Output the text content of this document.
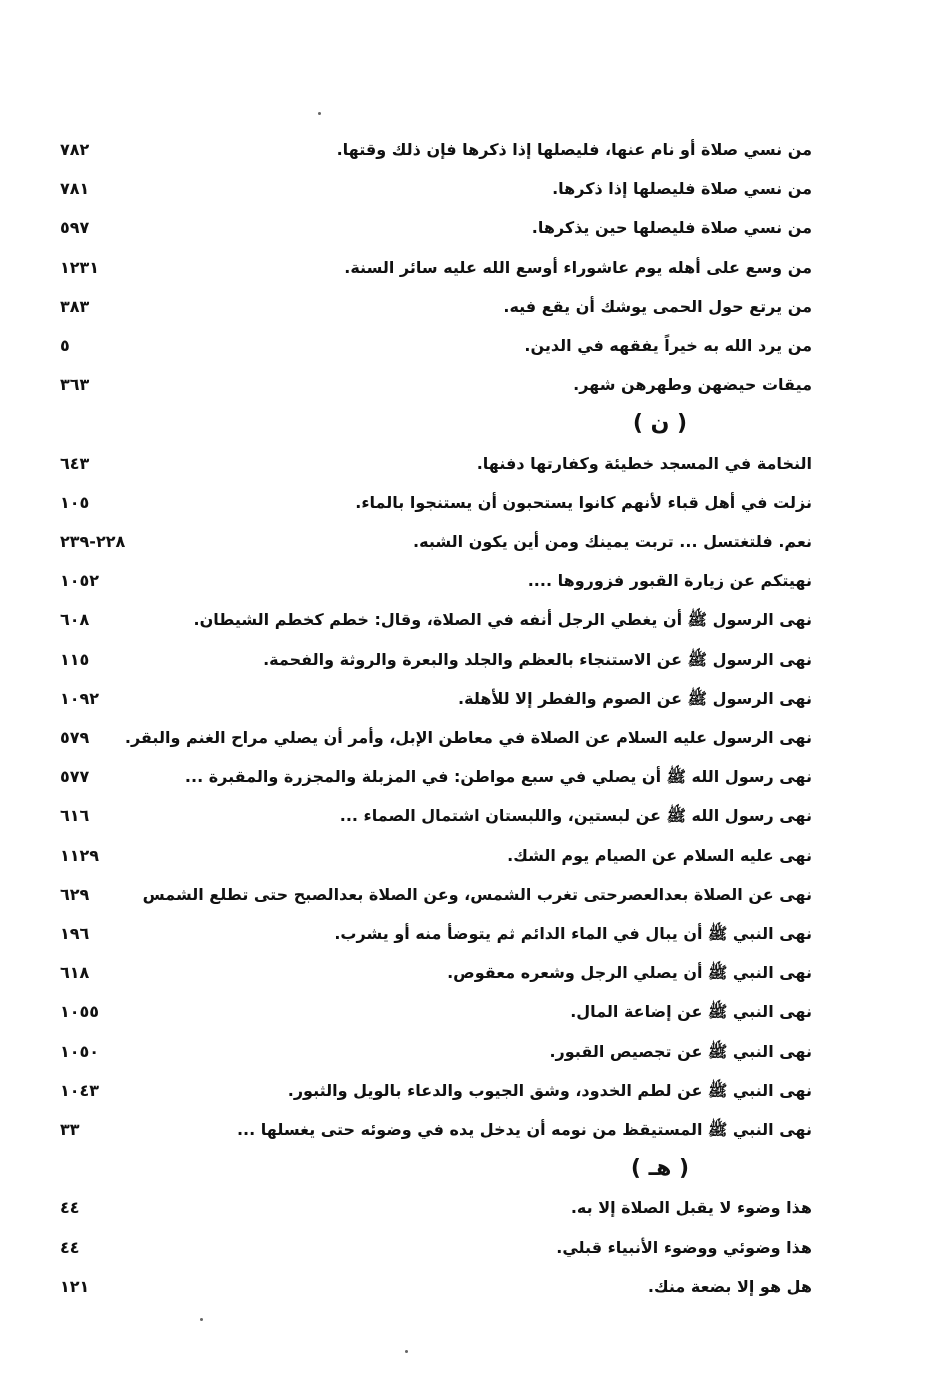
من نسي صلاة أو نام عنها، فليصلها إذا ذكرها فإن ذلك وقتها.
٧٨٢
من نسي صلاة فليصلها إذا ذكرها.
٧٨١
من نسي صلاة فليصلها حين يذكرها.
٥٩٧
من وسع على أهله يوم عاشوراء أوسع الله عليه سائر السنة.
١٢٣١
من يرتع حول الحمى يوشك أن يقع فيه.
٣٨٣
من يرد الله به خيراً يفقهه في الدين.
٥
ميقات حيضهن وطهرهن شهر.
٣٦٣
( ن )
النخامة في المسجد خطيئة وكفارتها دفنها.
٦٤٣
نزلت في أهل قباء لأنهم كانوا يستحبون أن يستنجوا بالماء.
١٠٥
نعم. فلتغتسل ... تربت يمينك ومن أين يكون الشبه.
٢٢٨-٢٣٩
نهيتكم عن زيارة القبور فزوروها ....
١٠٥٢
نهى الرسول ﷺ أن يغطي الرجل أنفه في الصلاة، وقال: خطم كخطم الشيطان.
٦٠٨
نهى الرسول ﷺ عن الاستنجاء بالعظم والجلد والبعرة والروثة والفحمة.
١١٥
نهى الرسول ﷺ عن الصوم والفطر إلا للأهلة.
١٠٩٢
نهى الرسول عليه السلام عن الصلاة في معاطن الإبل، وأمر أن يصلي مراح الغنم والبقر.
٥٧٩
نهى رسول الله ﷺ أن يصلي في سبع مواطن: في المزبلة والمجزرة والمقبرة ...
٥٧٧
نهى رسول الله ﷺ عن لبستين، واللبستان اشتمال الصماء ...
٦١٦
نهى عليه السلام عن الصيام يوم الشك.
١١٢٩
نهى عن الصلاة بعدالعصرحتى تغرب الشمس، وعن الصلاة بعدالصبح حتى تطلع الشمس
٦٢٩
نهى النبي ﷺ أن يبال في الماء الدائم ثم يتوضأ منه أو يشرب.
١٩٦
نهى النبي ﷺ أن يصلي الرجل وشعره معقوص.
٦١٨
نهى النبي ﷺ عن إضاعة المال.
١٠٥٥
نهى النبي ﷺ عن تجصيص القبور.
١٠٥٠
نهى النبي ﷺ عن لطم الخدود، وشق الجيوب والدعاء بالويل والثبور.
١٠٤٣
نهى النبي ﷺ المستيقظ من نومه أن يدخل يده في وضوئه حتى يغسلها ...
٣٣
( هـ )
هذا وضوء لا يقبل الصلاة إلا به.
٤٤
هذا وضوئي ووضوء الأنبياء قبلي.
٤٤
هل هو إلا بضعة منك.
١٢١
